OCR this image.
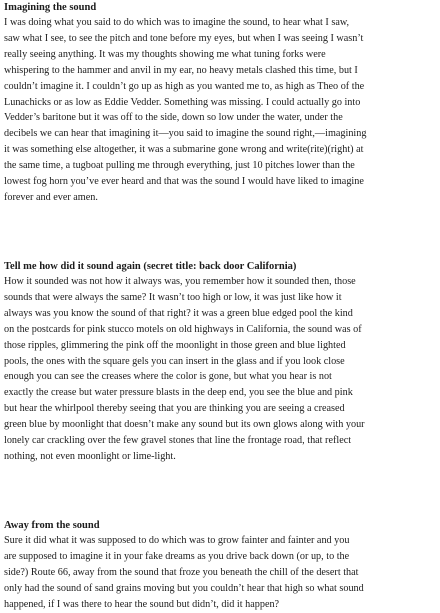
Imagining the sound

I was doing what you said to do which was to imagine the sound, to hear what I saw,
saw what I see, to see the pitch and tone before my eyes, but when I was seeing I wasn’t
really seeing anything. It was my thoughts showing me what tuning forks were
whispering to the hammer and anvil in my ear, no heavy metals clashed this time, but I
couldn’t imagine it. I couldn’t go up as high as you wanted me to, as high as Theo of the
Lunachicks or as low as Eddie Vedder. Something was missing. I could actually go into
Vedder’s baritone but it was off to the side, down so low under the water, under the
decibels we can hear that imagining it—you said to imagine the sound right,—imagining
it was something else altogether, it was a submarine gone wrong and write(rite)(right) at
the same time, a tugboat pulling me through everything, just 10 pitches lower than the
lowest fog horn you’ve ever heard and that was the sound I would have liked to imagine
forever and ever amen.

Tell me how did it sound again (secret title: back door California)

How it sounded was not how it always was, you remember how it sounded then, those
sounds that were always the same? It wasn’t too high or low, it was just like how it
always was you know the sound of that right? it was a green blue edged pool the kind
on the postcards for pink stucco motels on old highways in California, the sound was of
those ripples, glimmering the pink off the moonlight in those green and blue lighted
pools, the ones with the square gels you can insert in the glass and if you look close
enough you can see the creases where the color is gone, but what you hear is not
exactly the crease but water pressure blasts in the deep end, you see the blue and pink
but hear the whirlpool thereby seeing that you are thinking you are seeing a creased
green blue by moonlight that doesn’t make any sound but its own glows along with your
lonely car crackling over the few gravel stones that line the frontage road, that reflect
nothing, not even moonlight or lime-light.

Away from the sound

Sure it did what it was supposed to do which was to grow fainter and fainter and you
are supposed to imagine it in your fake dreams as you drive back down (or up, to the
side?) Route 66, away from the sound that froze you beneath the chill of the desert that
only had the sound of sand grains moving but you couldn’t hear that high so what sound
happened, if I was there to hear the sound but didn’t, did it happen?
